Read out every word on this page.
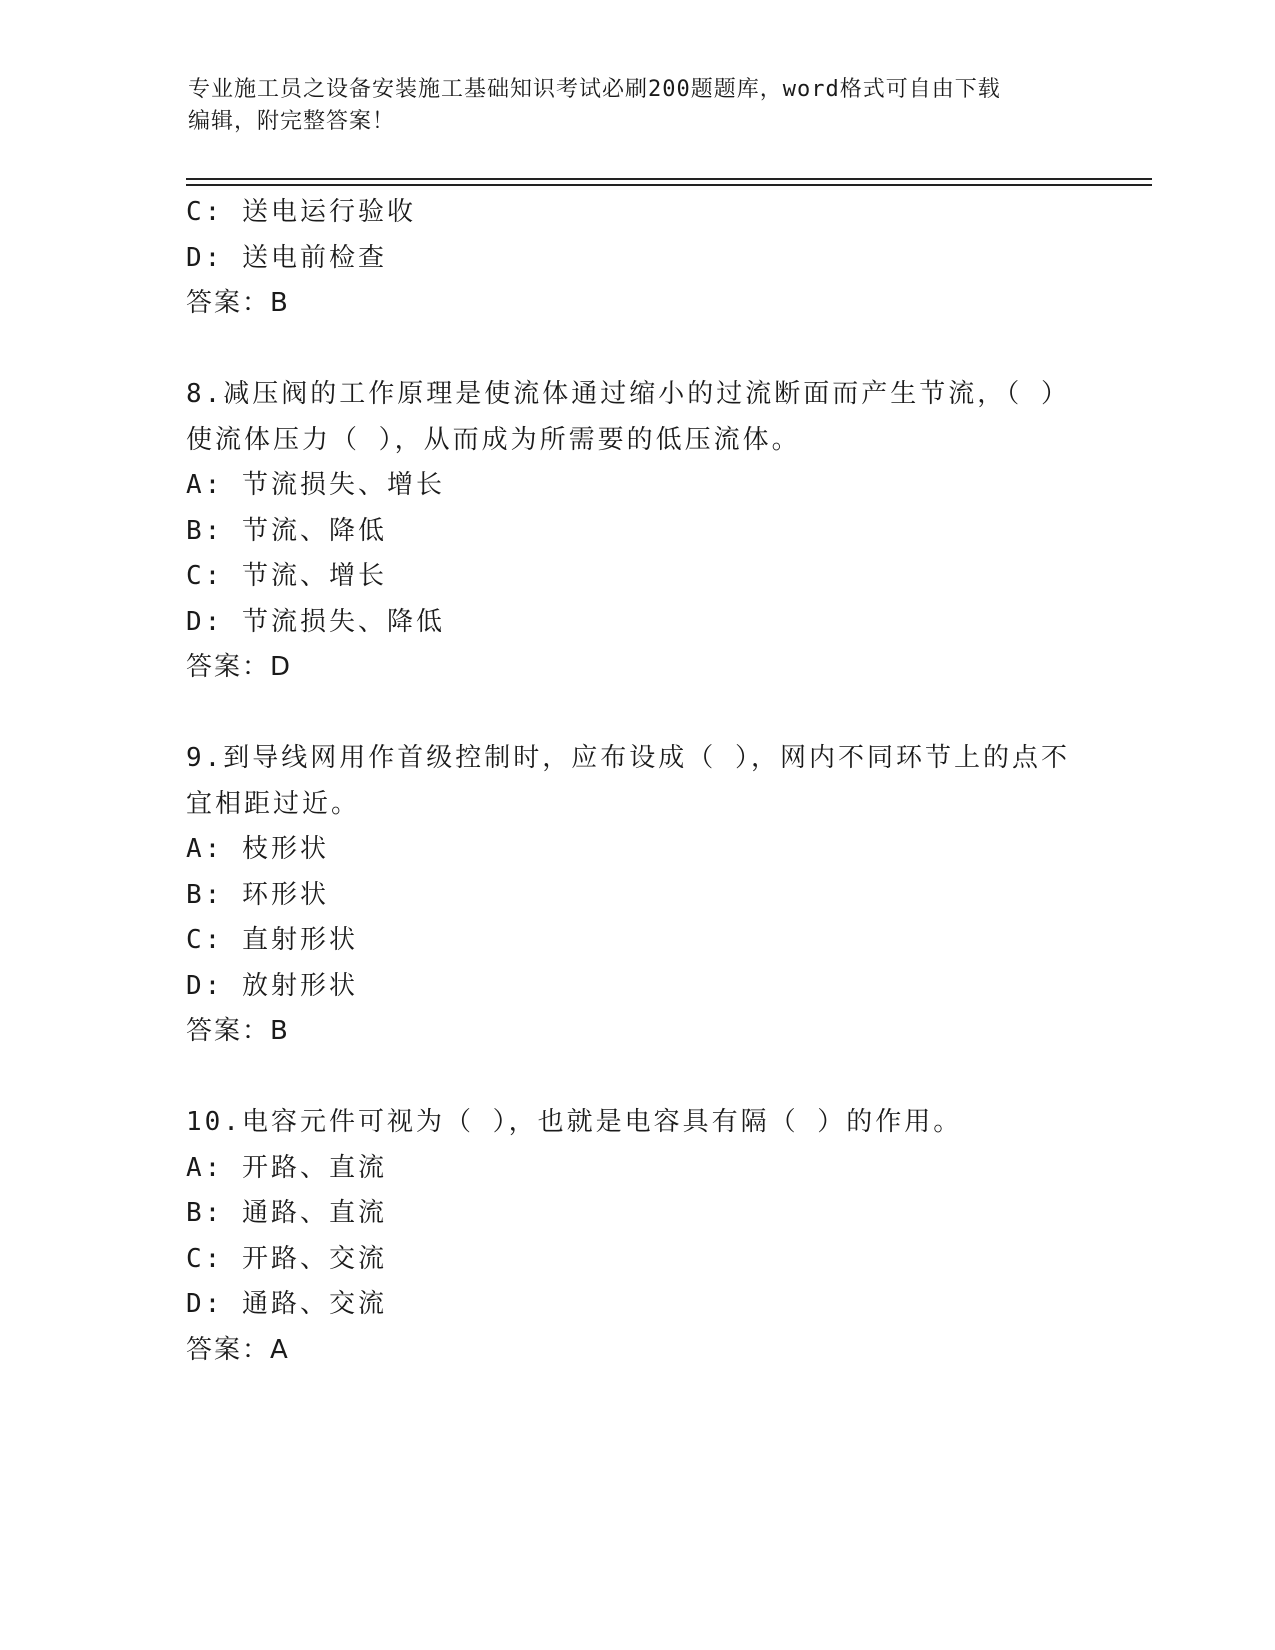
专业施工员之设备安装施工基础知识考试必刷200题题库，word格式可自由下载
编辑，附完整答案！
C: 送电运行验收
D: 送电前检查
答案：B
8.减压阀的工作原理是使流体通过缩小的过流断面而产生节流，（ ）
使流体压力（ ），从而成为所需要的低压流体。
A: 节流损失、增长
B: 节流、降低
C: 节流、增长
D: 节流损失、降低
答案：D
9.到导线网用作首级控制时，应布设成（ ），网内不同环节上的点不
宜相距过近。
A: 枝形状
B: 环形状
C: 直射形状
D: 放射形状
答案：B
10.电容元件可视为（ ），也就是电容具有隔（ ）的作用。
A: 开路、直流
B: 通路、直流
C: 开路、交流
D: 通路、交流
答案：A
